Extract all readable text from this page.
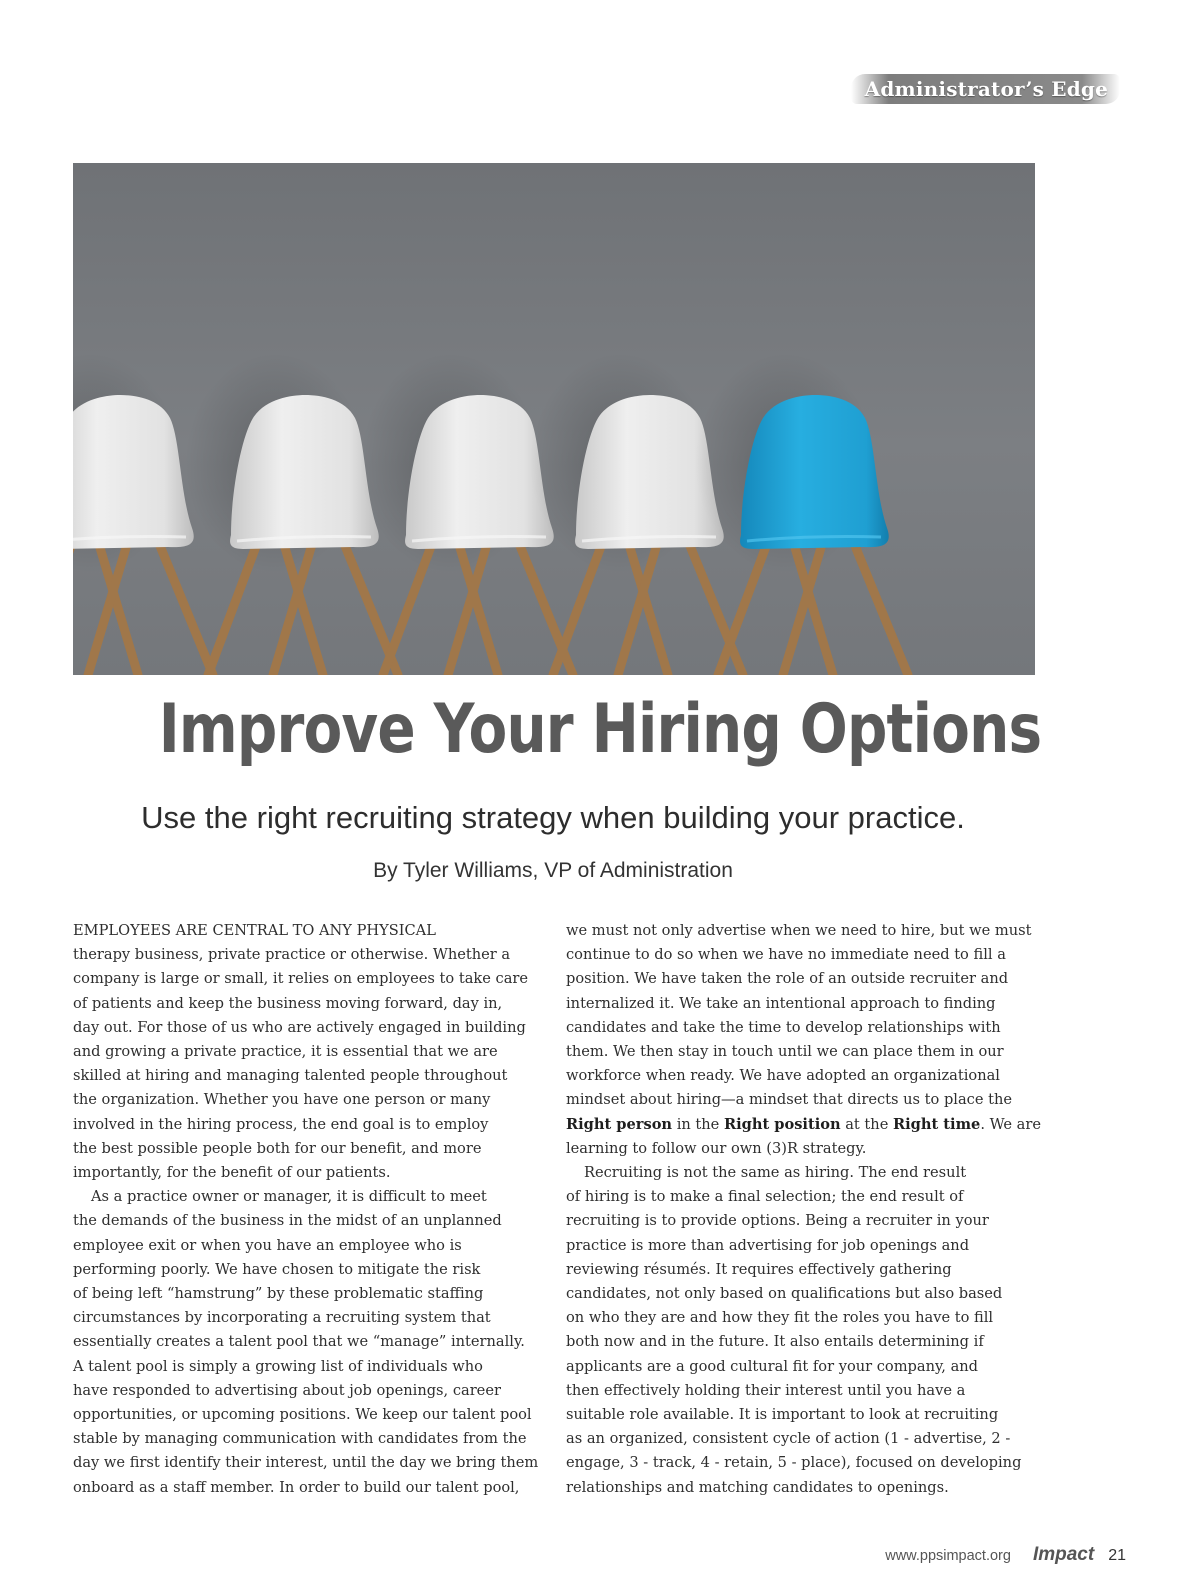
Administrator’s Edge
Improve Your Hiring Options
Use the right recruiting strategy when building your practice.
By Tyler Williams, VP of Administration
EMPLOYEES ARE CENTRAL TO ANY PHYSICAL
therapy business, private practice or otherwise. Whether a
company is large or small, it relies on employees to take care
of patients and keep the business moving forward, day in,
day out. For those of us who are actively engaged in building
and growing a private practice, it is essential that we are
skilled at hiring and managing talented people throughout
the organization. Whether you have one person or many
involved in the hiring process, the end goal is to employ
the best possible people both for our benefit, and more
importantly, for the benefit of our patients.
As a practice owner or manager, it is difficult to meet
the demands of the business in the midst of an unplanned
employee exit or when you have an employee who is
performing poorly. We have chosen to mitigate the risk
of being left “hamstrung” by these problematic staffing
circumstances by incorporating a recruiting system that
essentially creates a talent pool that we “manage” internally.
A talent pool is simply a growing list of individuals who
have responded to advertising about job openings, career
opportunities, or upcoming positions. We keep our talent pool
stable by managing communication with candidates from the
day we first identify their interest, until the day we bring them
onboard as a staff member. In order to build our talent pool,
we must not only advertise when we need to hire, but we must
continue to do so when we have no immediate need to fill a
position. We have taken the role of an outside recruiter and
internalized it. We take an intentional approach to finding
candidates and take the time to develop relationships with
them. We then stay in touch until we can place them in our
workforce when ready. We have adopted an organizational
mindset about hiring—a mindset that directs us to place the
Right person in the Right position at the Right time. We are
learning to follow our own (3)R strategy.
Recruiting is not the same as hiring. The end result
of hiring is to make a final selection; the end result of
recruiting is to provide options. Being a recruiter in your
practice is more than advertising for job openings and
reviewing résumés. It requires effectively gathering
candidates, not only based on qualifications but also based
on who they are and how they fit the roles you have to fill
both now and in the future. It also entails determining if
applicants are a good cultural fit for your company, and
then effectively holding their interest until you have a
suitable role available. It is important to look at recruiting
as an organized, consistent cycle of action (1 - advertise, 2 -
engage, 3 - track, 4 - retain, 5 - place), focused on developing
relationships and matching candidates to openings.
www.ppsimpact.org Impact 21
